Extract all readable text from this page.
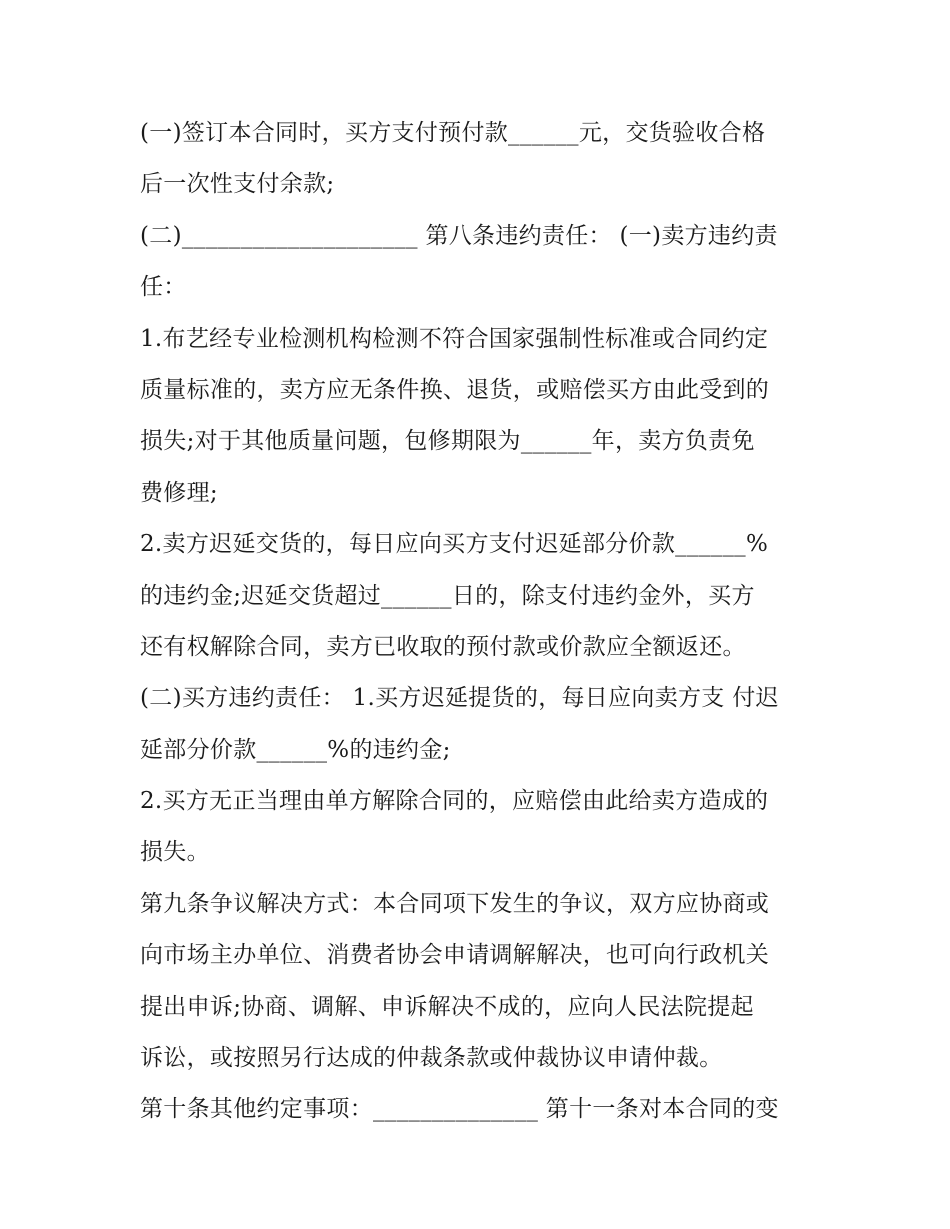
(一)签订本合同时，买方支付预付款______元，交货验收合格
后一次性支付余款;
(二)____________________ 第八条违约责任： (一)卖方违约责
任：
1.布艺经专业检测机构检测不符合国家强制性标准或合同约定
质量标准的，卖方应无条件换、退货，或赔偿买方由此受到的
损失;对于其他质量问题，包修期限为______年，卖方负责免
费修理;
2.卖方迟延交货的，每日应向买方支付迟延部分价款______%
的违约金;迟延交货超过______日的，除支付违约金外，买方
还有权解除合同，卖方已收取的预付款或价款应全额返还。
(二)买方违约责任： 1.买方迟延提货的，每日应向卖方支 付迟
延部分价款______%的违约金;
2.买方无正当理由单方解除合同的，应赔偿由此给卖方造成的
损失。
第九条争议解决方式：本合同项下发生的争议，双方应协商或
向市场主办单位、消费者协会申请调解解决，也可向行政机关
提出申诉;协商、调解、申诉解决不成的，应向人民法院提起
诉讼，或按照另行达成的仲裁条款或仲裁协议申请仲裁。
第十条其他约定事项：______________ 第十一条对本合同的变
